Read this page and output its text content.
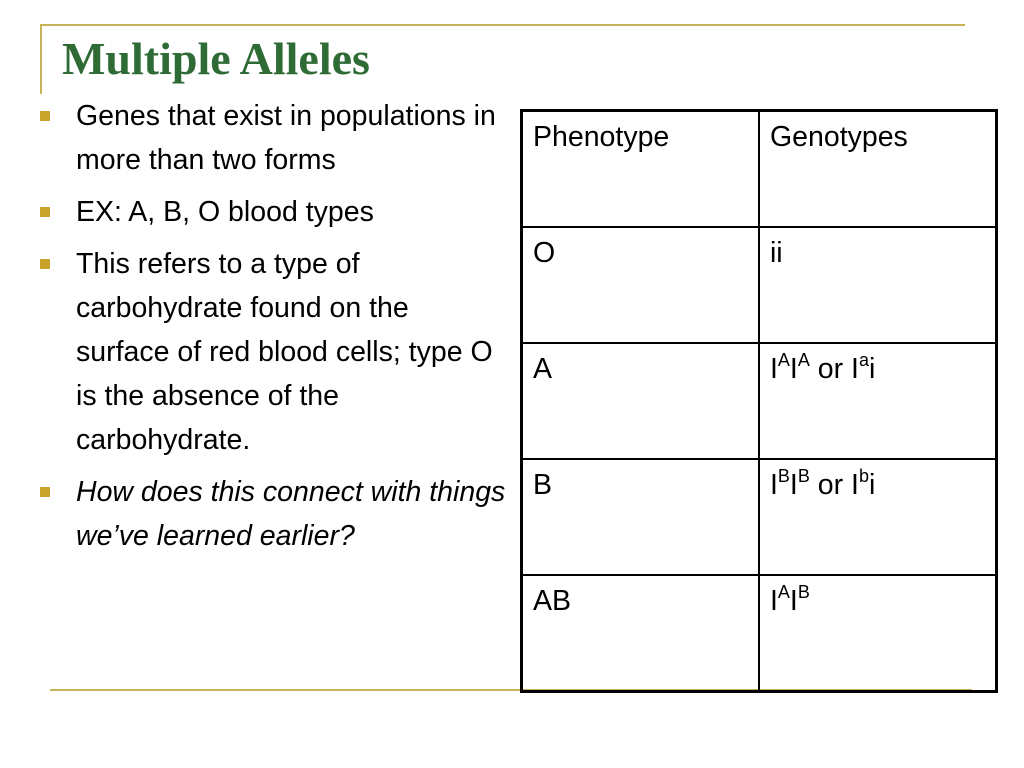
Multiple Alleles
Genes that exist in populations in more than two forms
EX: A, B, O blood types
This refers to a type of carbohydrate found on the surface of red blood cells; type O is the absence of the carbohydrate.
How does this connect with things we’ve learned earlier?
Phenotype	Genotypes
O	ii
A	$I^AI^A$ or $I^ai$
B	$I^BI^B$ or $I^bi$
AB	$I^AI^B$
